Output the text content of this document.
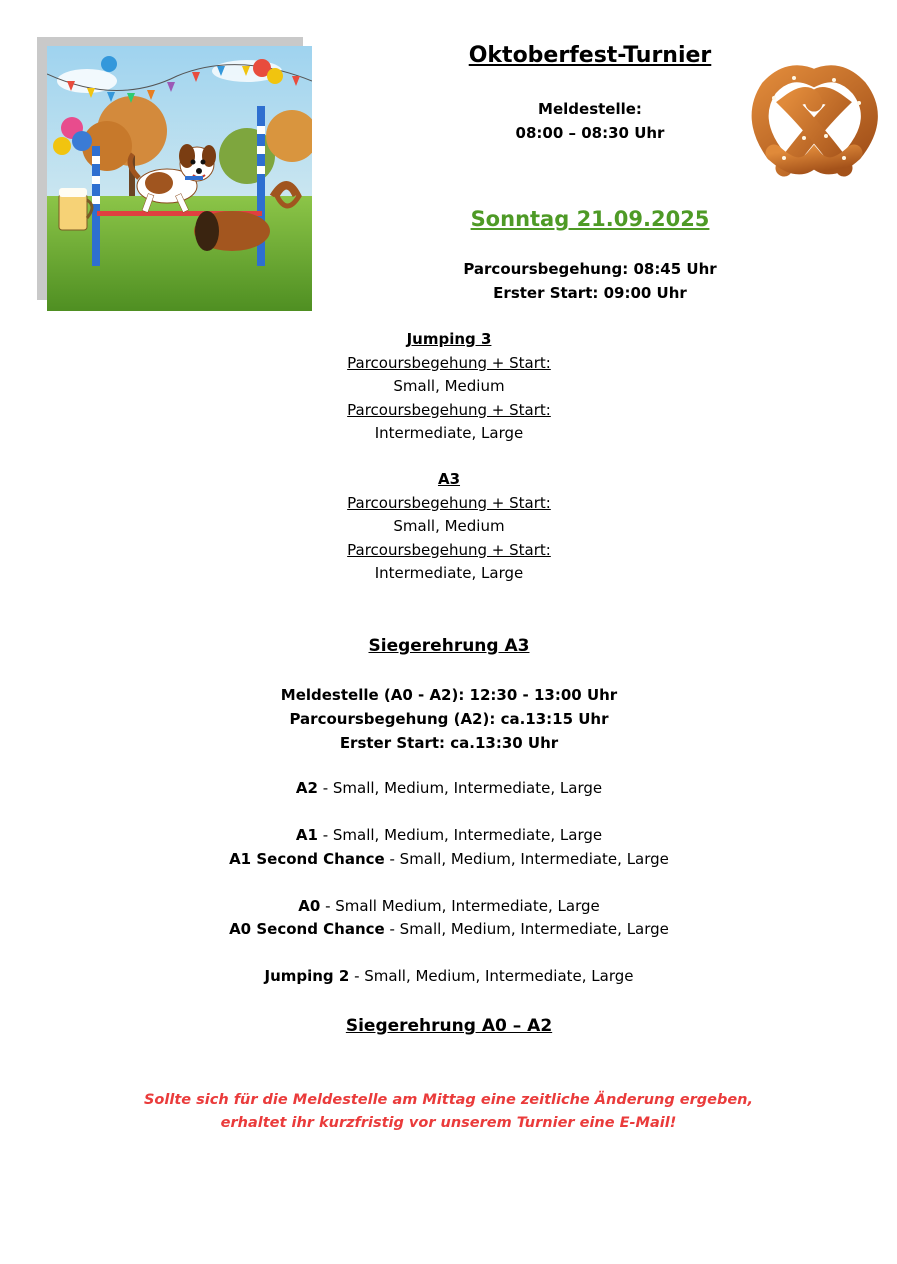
Oktoberfest-Turnier
Meldestelle:
08:00 – 08:30 Uhr
Sonntag 21.09.2025
Parcoursbegehung: 08:45 Uhr
Erster Start: 09:00 Uhr
Jumping 3
Parcoursbegehung + Start:
Small, Medium
Parcoursbegehung + Start:
Intermediate, Large
A3
Parcoursbegehung + Start:
Small, Medium
Parcoursbegehung + Start:
Intermediate, Large
Siegerehrung A3
Meldestelle (A0 - A2): 12:30 - 13:00 Uhr
Parcoursbegehung (A2): ca.13:15 Uhr
Erster Start: ca.13:30 Uhr
A2 - Small, Medium, Intermediate, Large
A1 - Small, Medium, Intermediate, Large
A1 Second Chance - Small, Medium, Intermediate, Large
A0 - Small Medium, Intermediate, Large
A0 Second Chance - Small, Medium, Intermediate, Large
Jumping 2 - Small, Medium, Intermediate, Large
Siegerehrung A0 – A2
Sollte sich für die Meldestelle am Mittag eine zeitliche Änderung ergeben,
erhaltet ihr kurzfristig vor unserem Turnier eine E-Mail!
